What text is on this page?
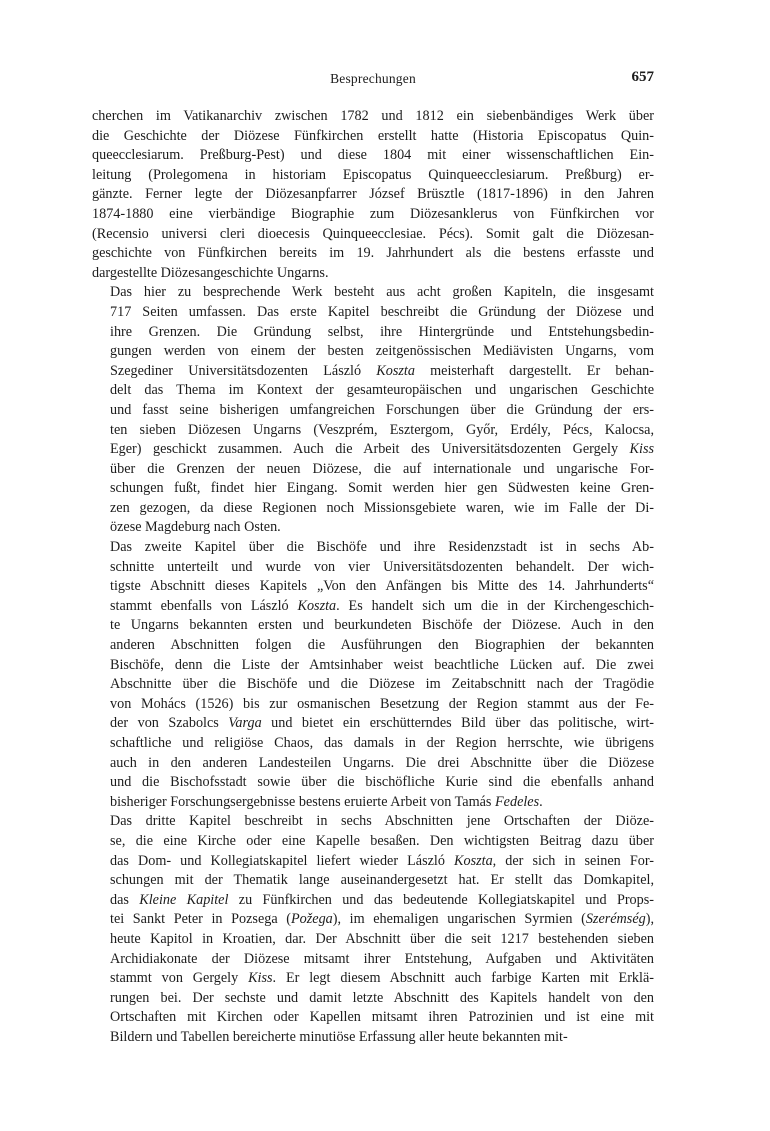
Besprechungen	657

cherchen im Vatikanarchiv zwischen 1782 und 1812 ein siebenbändiges Werk über
die Geschichte der Diözese Fünfkirchen erstellt hatte (Historia Episcopatus Quin-
queecclesiarum. Preßburg-Pest) und diese 1804 mit einer wissenschaftlichen Ein-
leitung (Prolegomena in historiam Episcopatus Quinqueecclesiarum. Preßburg) er-
gänzte. Ferner legte der Diözesanpfarrer József Brüsztle (1817-1896) in den Jahren
1874-1880 eine vierbändige Biographie zum Diözesanklerus von Fünfkirchen vor
(Recensio universi cleri dioecesis Quinqueecclesiae. Pécs). Somit galt die Diözesan-
geschichte von Fünfkirchen bereits im 19. Jahrhundert als die bestens erfasste und
dargestellte Diözesangeschichte Ungarns.

Das hier zu besprechende Werk besteht aus acht großen Kapiteln, die insgesamt
717 Seiten umfassen. Das erste Kapitel beschreibt die Gründung der Diözese und
ihre Grenzen. Die Gründung selbst, ihre Hintergründe und Entstehungsbedin-
gungen werden von einem der besten zeitgenössischen Mediävisten Ungarns, vom
Szegediner Universitätsdozenten László Koszta meisterhaft dargestellt. Er behan-
delt das Thema im Kontext der gesamteuropäischen und ungarischen Geschichte
und fasst seine bisherigen umfangreichen Forschungen über die Gründung der ers-
ten sieben Diözesen Ungarns (Veszprém, Esztergom, Győr, Erdély, Pécs, Kalocsa,
Eger) geschickt zusammen. Auch die Arbeit des Universitätsdozenten Gergely Kiss
über die Grenzen der neuen Diözese, die auf internationale und ungarische For-
schungen fußt, findet hier Eingang. Somit werden hier gen Südwesten keine Gren-
zen gezogen, da diese Regionen noch Missionsgebiete waren, wie im Falle der Di-
özese Magdeburg nach Osten.

Das zweite Kapitel über die Bischöfe und ihre Residenzstadt ist in sechs Ab-
schnitte unterteilt und wurde von vier Universitätsdozenten behandelt. Der wich-
tigste Abschnitt dieses Kapitels „Von den Anfängen bis Mitte des 14. Jahrhunderts“
stammt ebenfalls von László Koszta. Es handelt sich um die in der Kirchengeschich-
te Ungarns bekannten ersten und beurkundeten Bischöfe der Diözese. Auch in den
anderen Abschnitten folgen die Ausführungen den Biographien der bekannten
Bischöfe, denn die Liste der Amtsinhaber weist beachtliche Lücken auf. Die zwei
Abschnitte über die Bischöfe und die Diözese im Zeitabschnitt nach der Tragödie
von Mohács (1526) bis zur osmanischen Besetzung der Region stammt aus der Fe-
der von Szabolcs Varga und bietet ein erschütterndes Bild über das politische, wirt-
schaftliche und religiöse Chaos, das damals in der Region herrschte, wie übrigens
auch in den anderen Landesteilen Ungarns. Die drei Abschnitte über die Diözese
und die Bischofsstadt sowie über die bischöfliche Kurie sind die ebenfalls anhand
bisheriger Forschungsergebnisse bestens eruierte Arbeit von Tamás Fedeles.

Das dritte Kapitel beschreibt in sechs Abschnitten jene Ortschaften der Diöze-
se, die eine Kirche oder eine Kapelle besaßen. Den wichtigsten Beitrag dazu über
das Dom- und Kollegiatskapitel liefert wieder László Koszta, der sich in seinen For-
schungen mit der Thematik lange auseinandergesetzt hat. Er stellt das Domkapitel,
das Kleine Kapitel zu Fünfkirchen und das bedeutende Kollegiatskapitel und Props-
tei Sankt Peter in Pozsega (Požega), im ehemaligen ungarischen Syrmien (Szerémség),
heute Kapitol in Kroatien, dar. Der Abschnitt über die seit 1217 bestehenden sieben
Archidiakonate der Diözese mitsamt ihrer Entstehung, Aufgaben und Aktivitäten
stammt von Gergely Kiss. Er legt diesem Abschnitt auch farbige Karten mit Erklä-
rungen bei. Der sechste und damit letzte Abschnitt des Kapitels handelt von den
Ortschaften mit Kirchen oder Kapellen mitsamt ihren Patrozinien und ist eine mit
Bildern und Tabellen bereicherte minutiöse Erfassung aller heute bekannten mit-
